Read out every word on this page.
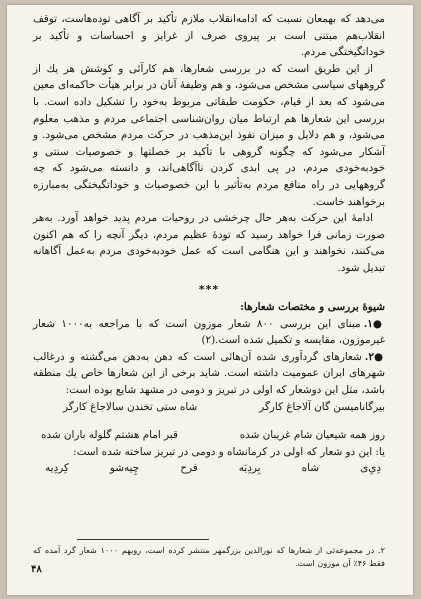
می‌دهد که بهمعان نسبت که ادامه‌انقلاب ملازم تأکید بر آگاهی توده‌هاست، توقف انقلاب‌هم مبتنی است بر پیروی صرف از غرایز و احساسات و تأکید بر خوداتگیختگی مردم.

از این طریق است که در بررسی شعارها، هم کارآئی و کوشش هر یك از گروههای سیاسی مشخص می‌شود، و هم وظیفهٔ آنان در برابر هیأت حاکمه‌ای معین می‌شود که بعد از قیام، حکومت طبقاتی مربوط به‌خود را تشکیل داده است. با بررسی این شعارها هم ارتباط میان روان‌شناسی اجتماعی مردم و مذهب معلوم می‌شود، و هم دلایل و میزان نفوذ این‌مذهب در حرکت مردم مشخص می‌شود. و آشکار می‌شود که چگونه گروهی با تأکید بر خصلتها و خصوصیات سنتی و خودبه‌خودی مردم، در پی ابدی کردن ناآگاهی‌اند، و دانسته می‌شود که چه گروههایی در راه منافع مردم به‌تأثیر با این خصوصیات و خوداتگیختگی به‌مبارزه برخواهند خاست.

ادامهٔ این حرکت به‌هر حال چرخشی در روحیات مردم پدید خواهد آورد. به‌هر صورت زمانی فرا خواهد رسید که تودهٔ عظیم مردم، دیگر آنچه را که هم اکنون می‌کنند، نخواهند و این هنگامی است که عمل خودبه‌خودی مردم به‌عمل آگاهانه تبدیل شود.

***

شیوهٔ بررسی و مختصات شعارها:

●۱.مبنای این بررسی ۸۰۰ شعار موزون است که با مراجعه به‌۱۰۰۰ شعار غیرموزون، مقایسه و تکمیل شده است.(۲)

●۲.شعارهای گردآوری شده آن‌هائی است که دهن به‌دهن می‌گشته و در‌غالب شهرهای ایران عمومیت داشته است. شاید برخی از این شعارها خاص یك منطقه باشد، مثل این دوشعار که اولی در تبریز و دومی در مشهد شایع بوده است:

بیرگانامیسن گان آلاجاغ کارگر
شاه ستی تخندن سالاجاغ کارگر
روز همه شیعیان شام غریبان شده
قبر امام هشتم گلوله باران شده

یا: این دو شعار که اولی در کرمانشاه و دومی در تبریز ساخته شده است:

دِیِ‌ی
شاه
بِردِیَه
فرح
چِیه‌شو
کِردِیه
۲. در مجموعه‌ئی از شعارها که نورالدین بزرگمهر منتشر کرده است، روبهم ۱۰۰۰ شعار گرد آمده که فقط ۴۶٪ آن موزون است.
۴۸
